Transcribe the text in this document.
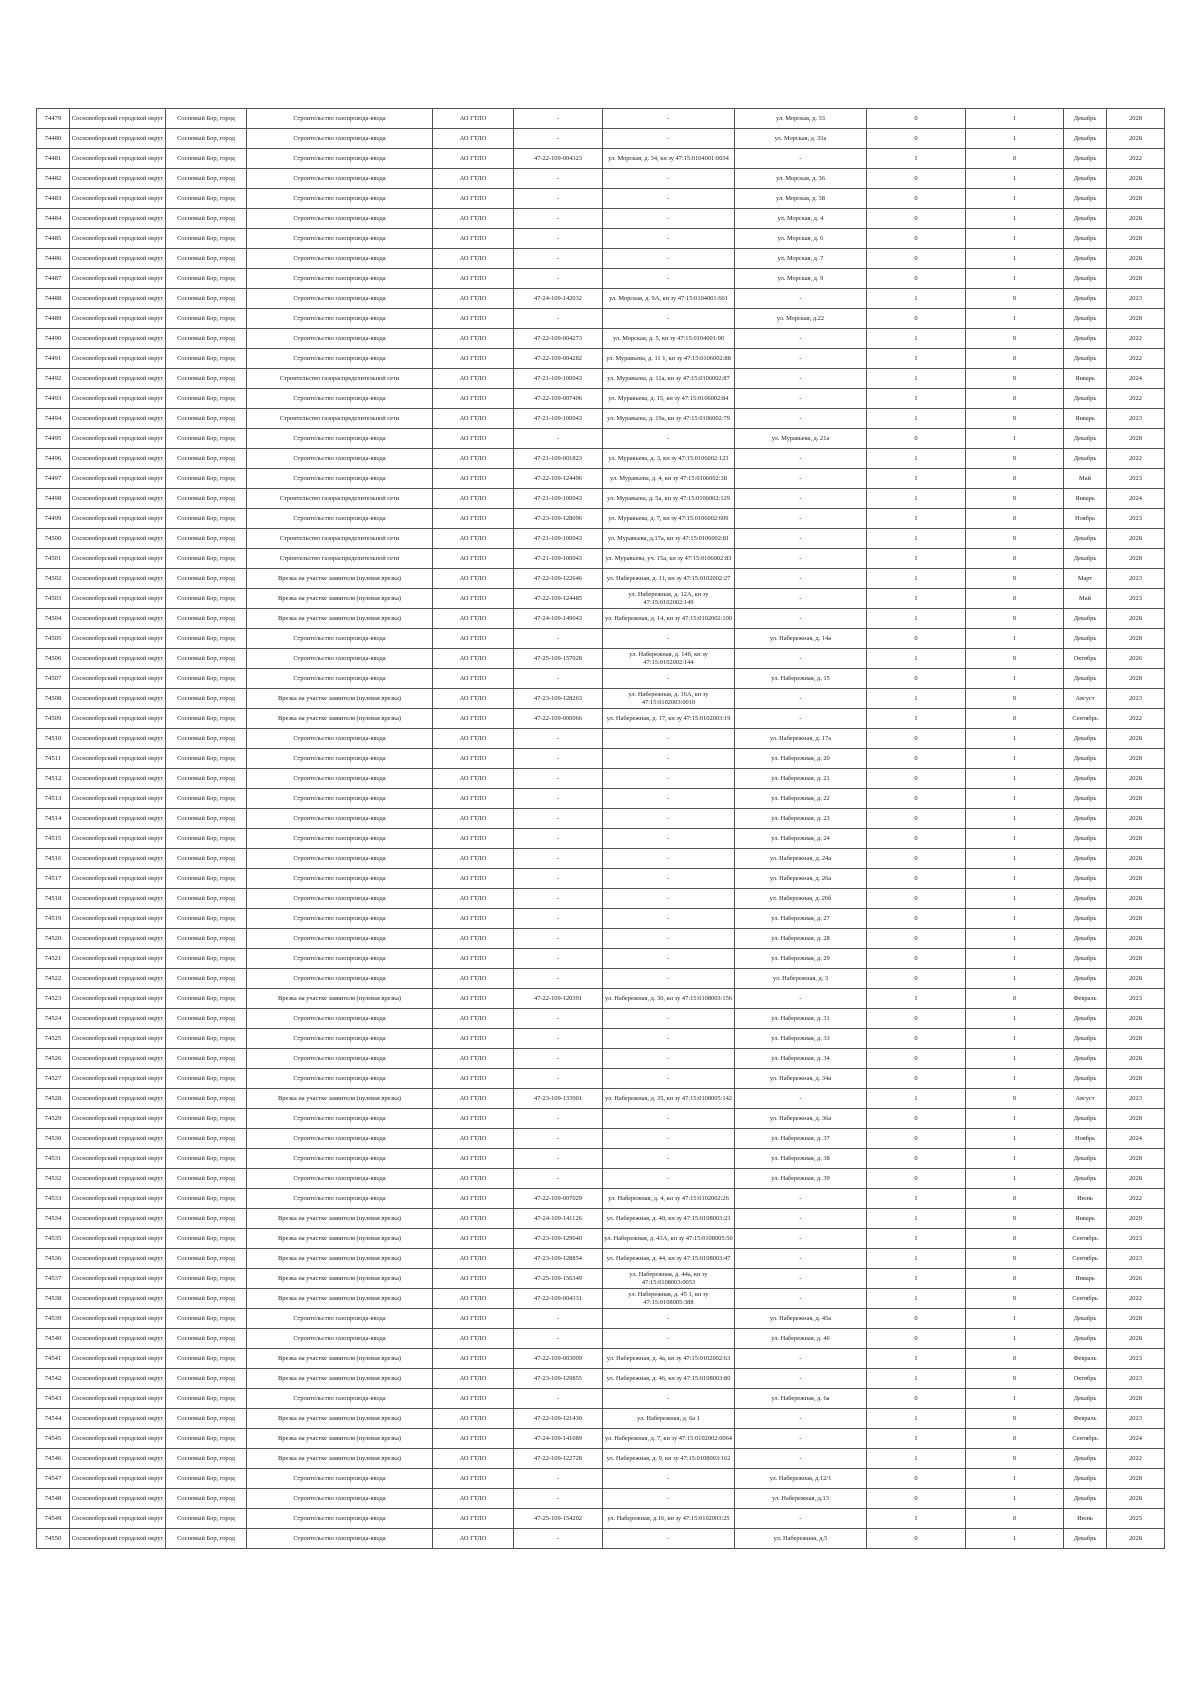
74479	Сосновоборский городской округ	Сосновый Бор, город	Строительство газопровода-ввода	АО ГТЛО	-	-	ул. Морская, д. 33	0	1	Декабрь	2028
74480	Сосновоборский городской округ	Сосновый Бор, город	Строительство газопровода-ввода	АО ГТЛО	-	-	ул. Морская, д. 33а	0	1	Декабрь	2028
74481	Сосновоборский городской округ	Сосновый Бор, город	Строительство газопровода-ввода	АО ГТЛО	47-22-109-004323	ул. Морская, д. 34, кн зу 47:15:0104001:0034	-	1	0	Декабрь	2022
74482	Сосновоборский городской округ	Сосновый Бор, город	Строительство газопровода-ввода	АО ГТЛО	-	-	ул. Морская, д. 36	0	1	Декабрь	2028
74483	Сосновоборский городской округ	Сосновый Бор, город	Строительство газопровода-ввода	АО ГТЛО	-	-	ул. Морская, д. 38	0	1	Декабрь	2028
74484	Сосновоборский городской округ	Сосновый Бор, город	Строительство газопровода-ввода	АО ГТЛО	-	-	ул. Морская, д. 4	0	1	Декабрь	2028
74485	Сосновоборский городской округ	Сосновый Бор, город	Строительство газопровода-ввода	АО ГТЛО	-	-	ул. Морская, д. 6	0	1	Декабрь	2028
74486	Сосновоборский городской округ	Сосновый Бор, город	Строительство газопровода-ввода	АО ГТЛО	-	-	ул. Морская, д. 7	0	1	Декабрь	2028
74487	Сосновоборский городской округ	Сосновый Бор, город	Строительство газопровода-ввода	АО ГТЛО	-	-	ул. Морская, д. 9	0	1	Декабрь	2028
74488	Сосновоборский городской округ	Сосновый Бор, город	Строительство газопровода-ввода	АО ГТЛО	47-24-109-142032	ул. Морская, д. 9А, кн зу 47:15:0104001:661	-	1	0	Декабрь	2023
74489	Сосновоборский городской округ	Сосновый Бор, город	Строительство газопровода-ввода	АО ГТЛО	-	-	ул. Морская, д.22	0	1	Декабрь	2028
74490	Сосновоборский городской округ	Сосновый Бор, город	Строительство газопровода-ввода	АО ГТЛО	47-22-109-004273	ул. Морская, д. 5, кн зу 47:15:0104001:90	-	1	0	Декабрь	2022
74491	Сосновоборский городской округ	Сосновый Бор, город	Строительство газопровода-ввода	АО ГТЛО	47-22-109-004282	ул. Муравьева, д. 11 1, кн зу 47:15:0106002:88	-	1	0	Декабрь	2022
74492	Сосновоборский городской округ	Сосновый Бор, город	Строительство газораспределительной сети	АО ГТЛО	47-21-109-100043	ул. Муравьева, д. 11а, кн зу 47:15:0106002:87	-	1	0	Январь	2024
74493	Сосновоборский городской округ	Сосновый Бор, город	Строительство газопровода-ввода	АО ГТЛО	47-22-109-007406	ул. Муравьева, д. 15, кн зу 47:15:0106002:84	-	1	0	Декабрь	2022
74494	Сосновоборский городской округ	Сосновый Бор, город	Строительство газораспределительной сети	АО ГТЛО	47-21-109-100043	ул. Муравьева, д. 19а, кн зу 47:15:0106002:79	-	1	0	Январь	2023
74495	Сосновоборский городской округ	Сосновый Бор, город	Строительство газопровода-ввода	АО ГТЛО	-	-	ул. Муравьева, д. 21а	0	1	Декабрь	2028
74496	Сосновоборский городской округ	Сосновый Бор, город	Строительство газопровода-ввода	АО ГТЛО	47-21-109-001823	ул. Муравьева, д. 3, кн зу 47:15:0106002:123	-	1	0	Декабрь	2022
74497	Сосновоборский городской округ	Сосновый Бор, город	Строительство газопровода-ввода	АО ГТЛО	47-22-109-124496	ул. Муравьева, д. 4, кн зу 47:15:0106002:38	-	1	0	Май	2023
74498	Сосновоборский городской округ	Сосновый Бор, город	Строительство газораспределительной сети	АО ГТЛО	47-21-109-100043	ул. Муравьева, д. 5а, кн зу 47:15:0106002:129	-	1	0	Январь	2024
74499	Сосновоборский городской округ	Сосновый Бор, город	Строительство газопровода-ввода	АО ГТЛО	47-23-109-128096	ул. Муравьева, д. 7, кн зу 47:15:0106002:609	-	1	0	Ноябрь	2023
74500	Сосновоборский городской округ	Сосновый Бор, город	Строительство газораспределительной сети	АО ГТЛО	47-21-109-100043	ул. Муравьева, д.17а, кн зу 47:15:0106002:81	-	1	0	Декабрь	2028
74501	Сосновоборский городской округ	Сосновый Бор, город	Строительство газораспределительной сети	АО ГТЛО	47-21-109-100043	ул. Муравьева, уч. 15а, кн зу 47:15:0106002:83	-	1	0	Декабрь	2028
74502	Сосновоборский городской округ	Сосновый Бор, город	Врезка на участке заявителя (нулевая врезка)	АО ГТЛО	47-22-109-122646	ул. Набережная, д. 11, кн зу 47:15:0102002:27	-	1	0	Март	2023
74503	Сосновоборский городской округ	Сосновый Бор, город	Врезка на участке заявителя (нулевая врезка)	АО ГТЛО	47-22-109-124485	ул. Набережная, д. 12А, кн зу 47:15:0102002:149	-	1	0	Май	2023
74504	Сосновоборский городской округ	Сосновый Бор, город	Врезка на участке заявителя (нулевая врезка)	АО ГТЛО	47-24-109-149043	ул. Набережная, д. 14, кн зу 47:15:0102002:100	-	1	0	Декабрь	2028
74505	Сосновоборский городской округ	Сосновый Бор, город	Строительство газопровода-ввода	АО ГТЛО	-	-	ул. Набережная, д. 14а	0	1	Декабрь	2028
74506	Сосновоборский городской округ	Сосновый Бор, город	Строительство газопровода-ввода	АО ГТЛО	47-25-109-157028	ул. Набережная, д. 14б, кн зу 47:15:0102002:144	-	1	0	Октябрь	2026
74507	Сосновоборский городской округ	Сосновый Бор, город	Строительство газопровода-ввода	АО ГТЛО	-	-	ул. Набережная, д. 15	0	1	Декабрь	2028
74508	Сосновоборский городской округ	Сосновый Бор, город	Врезка на участке заявителя (нулевая врезка)	АО ГТЛО	47-23-109-128263	ул. Набережная, д. 16А, кн зу 47:15:0102003:0010	-	1	0	Август	2023
74509	Сосновоборский городской округ	Сосновый Бор, город	Врезка на участке заявителя (нулевая врезка)	АО ГТЛО	47-22-109-000066	ул. Набережная, д. 17, кн зу 47:15:0102003:19	-	1	0	Сентябрь	2022
74510	Сосновоборский городской округ	Сосновый Бор, город	Строительство газопровода-ввода	АО ГТЛО	-	-	ул. Набережная, д. 17а	0	1	Декабрь	2028
74511	Сосновоборский городской округ	Сосновый Бор, город	Строительство газопровода-ввода	АО ГТЛО	-	-	ул. Набережная, д. 20	0	1	Декабрь	2028
74512	Сосновоборский городской округ	Сосновый Бор, город	Строительство газопровода-ввода	АО ГТЛО	-	-	ул. Набережная, д. 21	0	1	Декабрь	2028
74513	Сосновоборский городской округ	Сосновый Бор, город	Строительство газопровода-ввода	АО ГТЛО	-	-	ул. Набережная, д. 22	0	1	Декабрь	2028
74514	Сосновоборский городской округ	Сосновый Бор, город	Строительство газопровода-ввода	АО ГТЛО	-	-	ул. Набережная, д. 23	0	1	Декабрь	2028
74515	Сосновоборский городской округ	Сосновый Бор, город	Строительство газопровода-ввода	АО ГТЛО	-	-	ул. Набережная, д. 24	0	1	Декабрь	2028
74516	Сосновоборский городской округ	Сосновый Бор, город	Строительство газопровода-ввода	АО ГТЛО	-	-	ул. Набережная, д. 24а	0	1	Декабрь	2028
74517	Сосновоборский городской округ	Сосновый Бор, город	Строительство газопровода-ввода	АО ГТЛО	-	-	ул. Набережная, д. 26а	0	1	Декабрь	2028
74518	Сосновоборский городской округ	Сосновый Бор, город	Строительство газопровода-ввода	АО ГТЛО	-	-	ул. Набережная, д. 26б	0	1	Декабрь	2028
74519	Сосновоборский городской округ	Сосновый Бор, город	Строительство газопровода-ввода	АО ГТЛО	-	-	ул. Набережная, д. 27	0	1	Декабрь	2028
74520	Сосновоборский городской округ	Сосновый Бор, город	Строительство газопровода-ввода	АО ГТЛО	-	-	ул. Набережная, д. 28	0	1	Декабрь	2028
74521	Сосновоборский городской округ	Сосновый Бор, город	Строительство газопровода-ввода	АО ГТЛО	-	-	ул. Набережная, д. 29	0	1	Декабрь	2028
74522	Сосновоборский городской округ	Сосновый Бор, город	Строительство газопровода-ввода	АО ГТЛО	-	-	ул. Набережная, д. 3	0	1	Декабрь	2028
74523	Сосновоборский городской округ	Сосновый Бор, город	Врезка на участке заявителя (нулевая врезка)	АО ГТЛО	47-22-109-120391	ул. Набережная, д. 30, кн зу 47:15:0108003:156	-	1	0	Февраль	2023
74524	Сосновоборский городской округ	Сосновый Бор, город	Строительство газопровода-ввода	АО ГТЛО	-	-	ул. Набережная, д. 31	0	1	Декабрь	2028
74525	Сосновоборский городской округ	Сосновый Бор, город	Строительство газопровода-ввода	АО ГТЛО	-	-	ул. Набережная, д. 33	0	1	Декабрь	2028
74526	Сосновоборский городской округ	Сосновый Бор, город	Строительство газопровода-ввода	АО ГТЛО	-	-	ул. Набережная, д. 34	0	1	Декабрь	2028
74527	Сосновоборский городской округ	Сосновый Бор, город	Строительство газопровода-ввода	АО ГТЛО	-	-	ул. Набережная, д. 34а	0	1	Декабрь	2028
74528	Сосновоборский городской округ	Сосновый Бор, город	Врезка на участке заявителя (нулевая врезка)	АО ГТЛО	47-23-109-133901	ул. Набережная, д. 35, кн зу 47:15:0108005:142	-	1	0	Август	2023
74529	Сосновоборский городской округ	Сосновый Бор, город	Строительство газопровода-ввода	АО ГТЛО	-	-	ул. Набережная, д. 36а	0	1	Декабрь	2028
74530	Сосновоборский городской округ	Сосновый Бор, город	Строительство газопровода-ввода	АО ГТЛО	-	-	ул. Набережная, д. 37	0	1	Ноябрь	2024
74531	Сосновоборский городской округ	Сосновый Бор, город	Строительство газопровода-ввода	АО ГТЛО	-	-	ул. Набережная, д. 38	0	1	Декабрь	2028
74532	Сосновоборский городской округ	Сосновый Бор, город	Строительство газопровода-ввода	АО ГТЛО	-	-	ул. Набережная, д. 39	0	1	Декабрь	2028
74533	Сосновоборский городской округ	Сосновый Бор, город	Строительство газопровода-ввода	АО ГТЛО	47-22-109-007029	ул. Набережная, д. 4, кн зу 47:15:0102002:26	-	1	0	Июнь	2022
74534	Сосновоборский городской округ	Сосновый Бор, город	Врезка на участке заявителя (нулевая врезка)	АО ГТЛО	47-24-109-141126	ул. Набережная, д. 40, кн зу 47:15:0108003:23	-	1	0	Январь	2029
74535	Сосновоборский городской округ	Сосновый Бор, город	Врезка на участке заявителя (нулевая врезка)	АО ГТЛО	47-23-109-129040	ул. Набережная, д. 43А, кн зу 47:15:0108005:50	-	1	0	Сентябрь	2023
74536	Сосновоборский городской округ	Сосновый Бор, город	Врезка на участке заявителя (нулевая врезка)	АО ГТЛО	47-23-109-128854	ул. Набережная, д. 44, кн зу 47:15:0108003:47	-	1	0	Сентябрь	2023
74537	Сосновоборский городской округ	Сосновый Бор, город	Врезка на участке заявителя (нулевая врезка)	АО ГТЛО	47-25-109-156349	ул. Набережная, д. 44а, кн зу 47:15:0108003:0053	-	1	0	Январь	2026
74538	Сосновоборский городской округ	Сосновый Бор, город	Врезка на участке заявителя (нулевая врезка)	АО ГТЛО	47-22-109-004331	ул. Набережная, д. 45 1, кн зу 47:15:0108005:388	-	1	0	Сентябрь	2022
74539	Сосновоборский городской округ	Сосновый Бор, город	Строительство газопровода-ввода	АО ГТЛО	-	-	ул. Набережная, д. 45а	0	1	Декабрь	2028
74540	Сосновоборский городской округ	Сосновый Бор, город	Строительство газопровода-ввода	АО ГТЛО	-	-	ул. Набережная, д. 46	0	1	Декабрь	2028
74541	Сосновоборский городской округ	Сосновый Бор, город	Врезка на участке заявителя (нулевая врезка)	АО ГТЛО	47-22-109-003009	ул. Набережная, д. 4а, кн зу 47:15:0102002:63	-	1	0	Февраль	2023
74542	Сосновоборский городской округ	Сосновый Бор, город	Врезка на участке заявителя (нулевая врезка)	АО ГТЛО	47-23-109-129855	ул. Набережная, д. 46, кн зу 47:15:0108003:80	-	1	0	Октябрь	2023
74543	Сосновоборский городской округ	Сосновый Бор, город	Строительство газопровода-ввода	АО ГТЛО	-	-	ул. Набережная, д. 6а	0	1	Декабрь	2028
74544	Сосновоборский городской округ	Сосновый Бор, город	Врезка на участке заявителя (нулевая врезка)	АО ГТЛО	47-22-109-121430	ул. Набережная, д. 6а 1	-	1	0	Февраль	2023
74545	Сосновоборский городской округ	Сосновый Бор, город	Врезка на участке заявителя (нулевая врезка)	АО ГТЛО	47-24-109-141089	ул. Набережная, д. 7, кн зу 47:15:0102002:0064	-	1	0	Сентябрь	2024
74546	Сосновоборский городской округ	Сосновый Бор, город	Врезка на участке заявителя (нулевая врезка)	АО ГТЛО	47-22-109-122728	ул. Набережная, д. 9, кн зу 47:15:0108003:162	-	1	0	Декабрь	2022
74547	Сосновоборский городской округ	Сосновый Бор, город	Строительство газопровода-ввода	АО ГТЛО	-	-	ул. Набережная, д.12/1	0	1	Декабрь	2028
74548	Сосновоборский городской округ	Сосновый Бор, город	Строительство газопровода-ввода	АО ГТЛО	-	-	ул. Набережная, д.13	0	1	Декабрь	2028
74549	Сосновоборский городской округ	Сосновый Бор, город	Строительство газопровода-ввода	АО ГТЛО	47-25-109-154202	ул. Набережная, д.16, кн зу 47:15:0102003:25	-	1	0	Июнь	2025
74550	Сосновоборский городской округ	Сосновый Бор, город	Строительство газопровода-ввода	АО ГТЛО	-	-	ул. Набережная, д.5	0	1	Декабрь	2028
